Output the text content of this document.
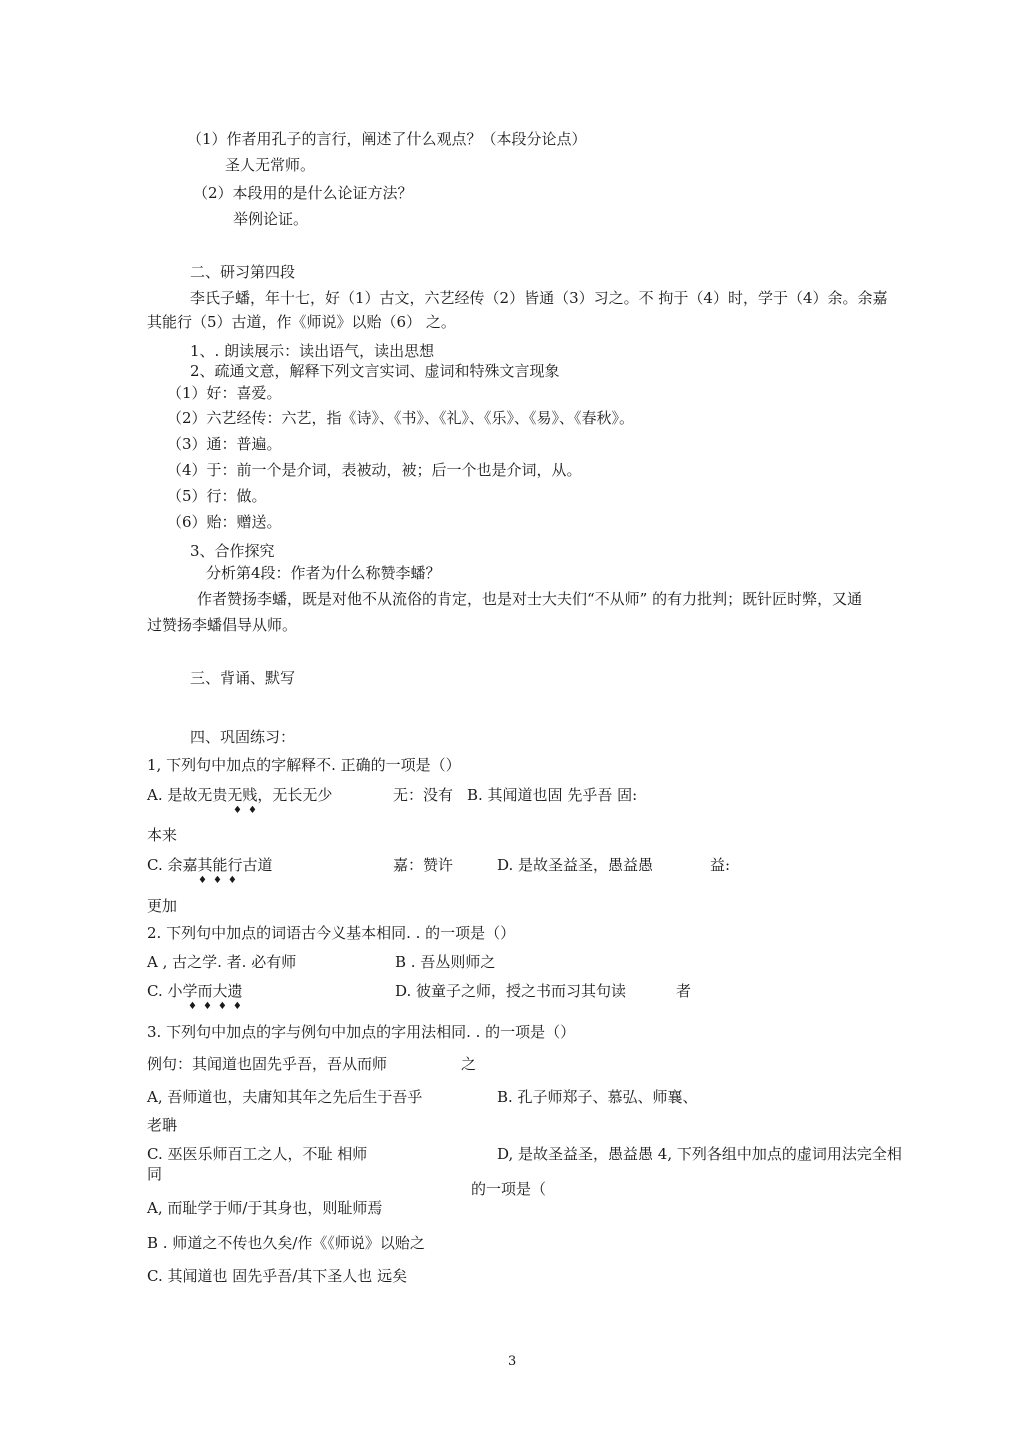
（1）作者用孔子的言行，阐述了什么观点？（本段分论点）
圣人无常师。
（2）本段用的是什么论证方法？
举例论证。
二、研习第四段
李氏子蟠，年十七，好（1）古文，六艺经传（2）皆通（3）习之。不 拘于（4）时，学于（4）余。余嘉
其能行（5）古道，作《师说》以贻（6） 之。
1、. 朗读展示：读出语气，读出思想
2、疏通文意，解释下列文言实词、虚词和特殊文言现象
（1）好：喜爱。
（2）六艺经传：六艺，指《诗》、《书》、《礼》、《乐》、《易》、《春秋》。
（3）通：普遍。
（4）于：前一个是介词，表被动，被；后一个也是介词，从。
（5）行：做。
（6）贻：赠送。
3、合作探究
分析第4段：作者为什么称赞李蟠？
作者赞扬李蟠，既是对他不从流俗的肯定，也是对士大夫们“不从师” 的有力批判；既针匠时弊，又通
过赞扬李蟠倡导从师。
三、背诵、默写
四、巩固练习：
1, 下列句中加点的字解释不. 正确的一项是（）
A. 是故无贵无贱，无长无少	无：没有 B. 其闻道也固 先乎吾 固:
♦♦
本来
C. 余嘉其能行古道	嘉：赞许	D. 是故圣益圣，愚益愚	益:
♦♦♦
更加
2. 下列句中加点的词语古今义基本相同. . 的一项是（）
A , 古之学. 者. 必有师	B . 吾丛则师之
C. 小学而大遗	D. 彼童子之师，授之书而习其句读	者
♦♦♦♦
3. 下列句中加点的字与例句中加点的字用法相同. . 的一项是（）
例句：其闻道也固先乎吾，吾从而师	之
A, 吾师道也，夫庸知其年之先后生于吾乎	B. 孔子师郑子、慕弘、师襄、
老聃
C. 巫医乐师百工之人，不耻 相师	D, 是故圣益圣，愚益愚 4, 下列各组中加点的虚词用法完全相
同
的一项是（
A, 而耻学于师/于其身也，则耻师焉
B . 师道之不传也久矣/作《《师说》以贻之
C. 其闻道也 固先乎吾/其下圣人也 远矣
3
